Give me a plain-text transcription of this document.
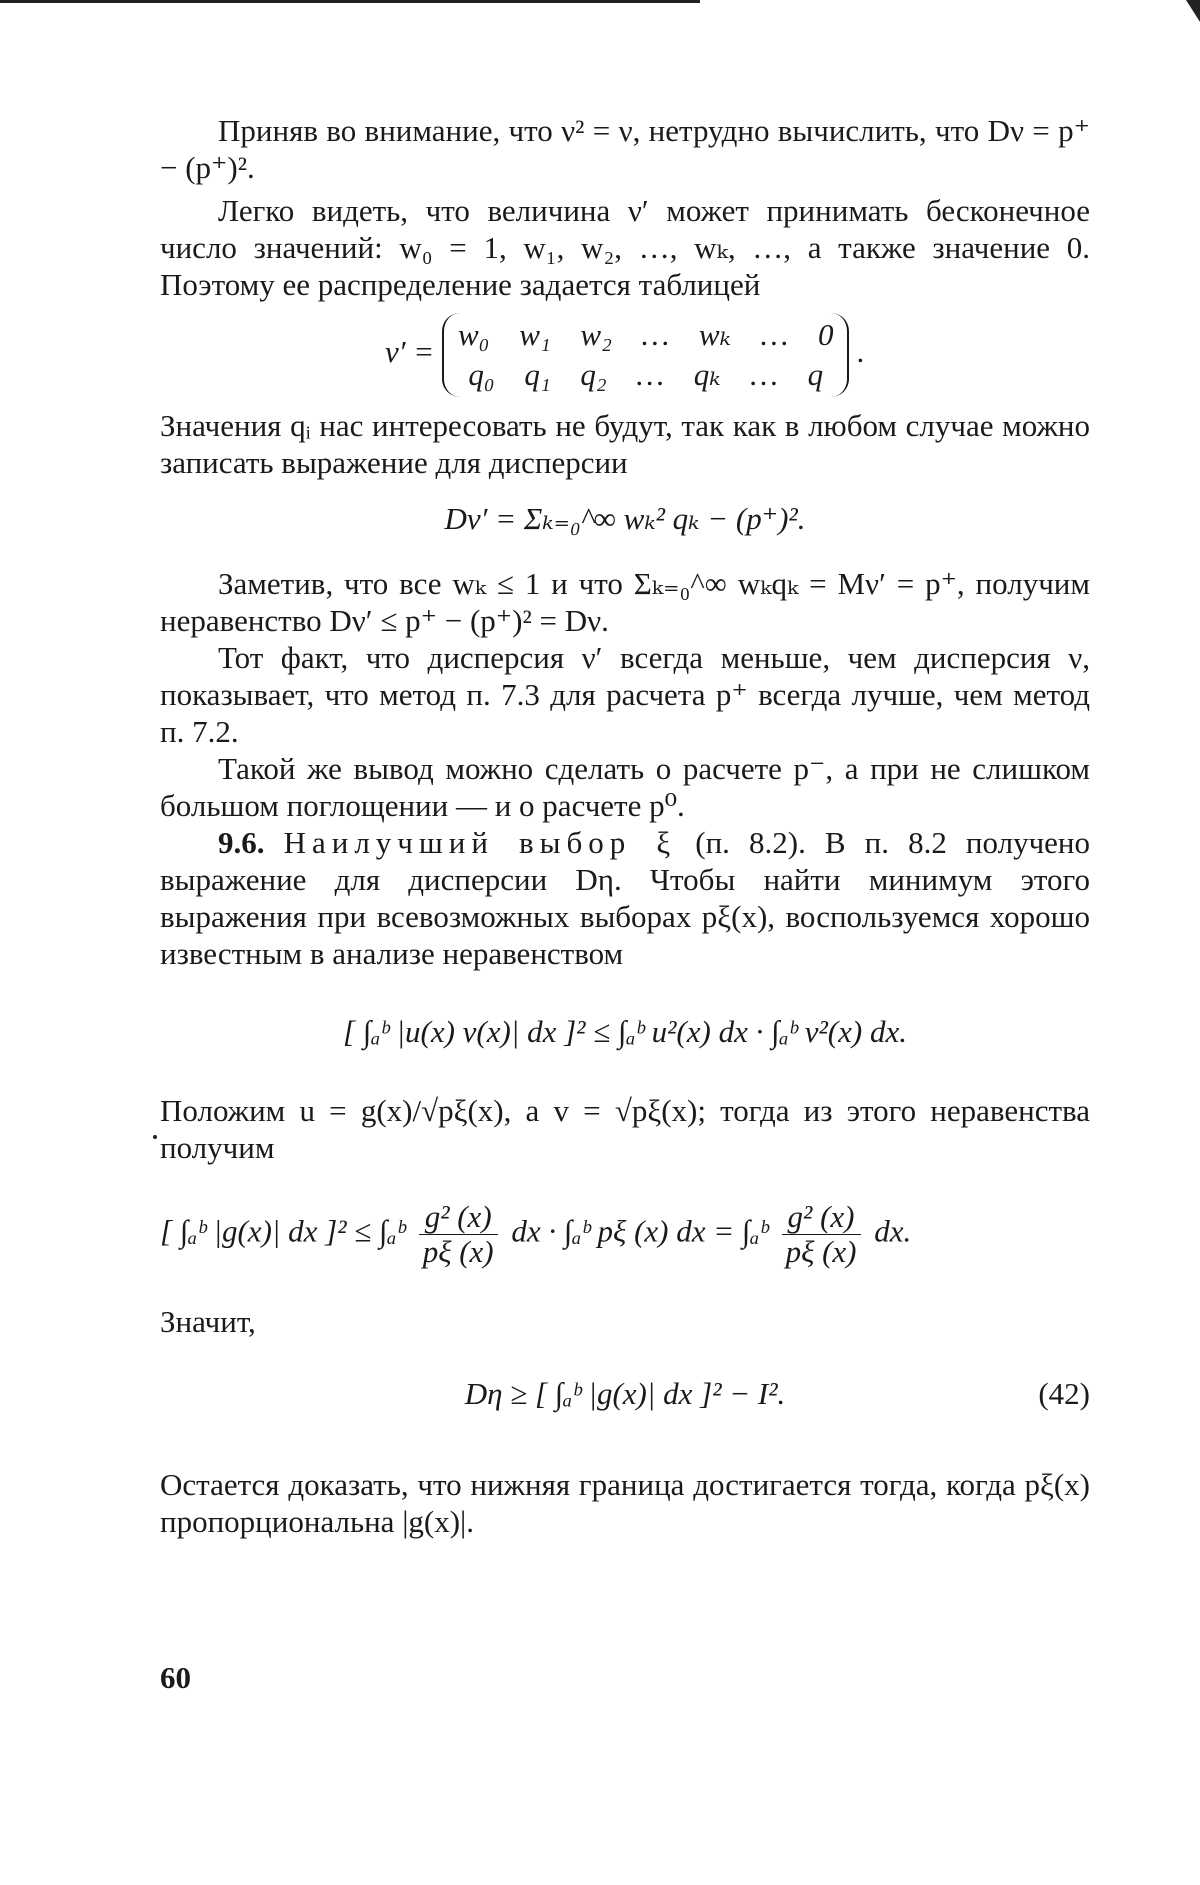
Приняв во внимание, что ν² = ν, нетрудно вычислить, что Dν = p⁺ − (p⁺)².

Легко видеть, что величина ν′ может принимать бесконечное число значений: w₀ = 1, w₁, w₂, …, wₖ, …, а также значение 0. Поэтому ее распределение задается таблицей

ν′ = w₀ w₁ w₂ … wₖ … 0
q₀ q₁ q₂ … qₖ … q
.

Значения qᵢ нас интересовать не будут, так как в любом случае можно записать выражение для дисперсии

Dν′ = Σₖ₌₀^∞ wₖ² qₖ − (p⁺)².

Заметив, что все wₖ ≤ 1 и что Σₖ₌₀^∞ wₖqₖ = Mν′ = p⁺, получим неравенство Dν′ ≤ p⁺ − (p⁺)² = Dν.

Тот факт, что дисперсия ν′ всегда меньше, чем дисперсия ν, показывает, что метод п. 7.3 для расчета p⁺ всегда лучше, чем метод п. 7.2.

Такой же вывод можно сделать о расчете p⁻, а при не слишком большом поглощении — и о расчете p⁰.

9.6. Наилучший выбор ξ (п. 8.2). В п. 8.2 получено выражение для дисперсии Dη. Чтобы найти минимум этого выражения при всевозможных выборах pξ(x), воспользуемся хорошо известным в анализе неравенством

[ ∫ₐᵇ |u(x) v(x)| dx ]² ≤ ∫ₐᵇ u²(x) dx · ∫ₐᵇ v²(x) dx.

Положим u = g(x)/√pξ(x), а v = √pξ(x); тогда из этого неравенства получим

[ ∫ₐᵇ |g(x)| dx ]² ≤ ∫ₐᵇ $\frac{\text{g² (x)}}{p\xi (x)}$ dx · ∫ₐᵇ pξ (x) dx = ∫ₐᵇ $\frac{\text{g² (x)}}{p\xi (x)}$ dx.

Значит,

Dη ≥ [ ∫ₐᵇ |g(x)| dx ]² − I².	(42)

Остается доказать, что нижняя граница достигается тогда, когда pξ(x) пропорциональна |g(x)|.

60
